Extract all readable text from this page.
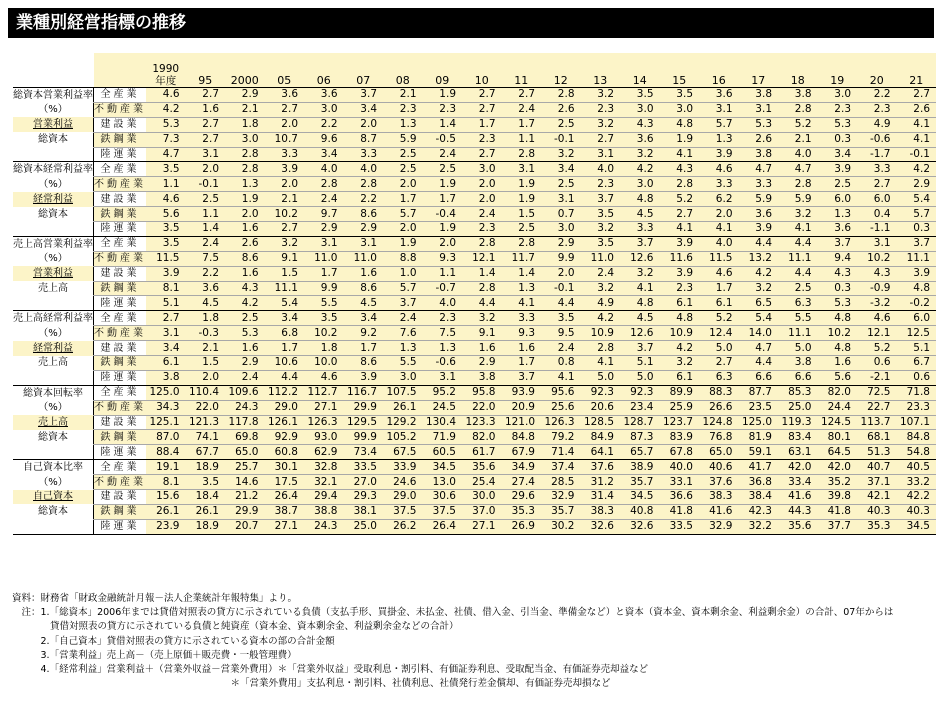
業種別経営指標の推移
		1990
年度	95	2000	05	06	07	08	09	10	11	12	13	14	15	16	17	18	19	20	21
総資本営業利益率	全産業	4.6	2.7	2.9	3.6	3.6	3.7	2.1	1.9	2.7	2.7	2.8	3.2	3.5	3.5	3.6	3.8	3.8	3.0	2.2	2.7
（%）	不動産業	4.2	1.6	2.1	2.7	3.0	3.4	2.3	2.3	2.7	2.4	2.6	2.3	3.0	3.0	3.1	3.1	2.8	2.3	2.3	2.6
営業利益	建設業	5.3	2.7	1.8	2.0	2.2	2.0	1.3	1.4	1.7	1.7	2.5	3.2	4.3	4.8	5.7	5.3	5.2	5.3	4.9	4.1
総資本	鉄鋼業	7.3	2.7	3.0	10.7	9.6	8.7	5.9	-0.5	2.3	1.1	-0.1	2.7	3.6	1.9	1.3	2.6	2.1	0.3	-0.6	4.1
	陸運業	4.7	3.1	2.8	3.3	3.4	3.3	2.5	2.4	2.7	2.8	3.2	3.1	3.2	4.1	3.9	3.8	4.0	3.4	-1.7	-0.1
総資本経常利益率	全産業	3.5	2.0	2.8	3.9	4.0	4.0	2.5	2.5	3.0	3.1	3.4	4.0	4.2	4.3	4.6	4.7	4.7	3.9	3.3	4.2
（%）	不動産業	1.1	-0.1	1.3	2.0	2.8	2.8	2.0	1.9	2.0	1.9	2.5	2.3	3.0	2.8	3.3	3.3	2.8	2.5	2.7	2.9
経常利益	建設業	4.6	2.5	1.9	2.1	2.4	2.2	1.7	1.7	2.0	1.9	3.1	3.7	4.8	5.2	6.2	5.9	5.9	6.0	6.0	5.4
総資本	鉄鋼業	5.6	1.1	2.0	10.2	9.7	8.6	5.7	-0.4	2.4	1.5	0.7	3.5	4.5	2.7	2.0	3.6	3.2	1.3	0.4	5.7
	陸運業	3.5	1.4	1.6	2.7	2.9	2.9	2.0	1.9	2.3	2.5	3.0	3.2	3.3	4.1	4.1	3.9	4.1	3.6	-1.1	0.3
売上高営業利益率	全産業	3.5	2.4	2.6	3.2	3.1	3.1	1.9	2.0	2.8	2.8	2.9	3.5	3.7	3.9	4.0	4.4	4.4	3.7	3.1	3.7
（%）	不動産業	11.5	7.5	8.6	9.1	11.0	11.0	8.8	9.3	12.1	11.7	9.9	11.0	12.6	11.6	11.5	13.2	11.1	9.4	10.2	11.1
営業利益	建設業	3.9	2.2	1.6	1.5	1.7	1.6	1.0	1.1	1.4	1.4	2.0	2.4	3.2	3.9	4.6	4.2	4.4	4.3	4.3	3.9
売上高	鉄鋼業	8.1	3.6	4.3	11.1	9.9	8.6	5.7	-0.7	2.8	1.3	-0.1	3.2	4.1	2.3	1.7	3.2	2.5	0.3	-0.9	4.8
	陸運業	5.1	4.5	4.2	5.4	5.5	4.5	3.7	4.0	4.4	4.1	4.4	4.9	4.8	6.1	6.1	6.5	6.3	5.3	-3.2	-0.2
売上高経常利益率	全産業	2.7	1.8	2.5	3.4	3.5	3.4	2.4	2.3	3.2	3.3	3.5	4.2	4.5	4.8	5.2	5.4	5.5	4.8	4.6	6.0
（%）	不動産業	3.1	-0.3	5.3	6.8	10.2	9.2	7.6	7.5	9.1	9.3	9.5	10.9	12.6	10.9	12.4	14.0	11.1	10.2	12.1	12.5
経常利益	建設業	3.4	2.1	1.6	1.7	1.8	1.7	1.3	1.3	1.6	1.6	2.4	2.8	3.7	4.2	5.0	4.7	5.0	4.8	5.2	5.1
売上高	鉄鋼業	6.1	1.5	2.9	10.6	10.0	8.6	5.5	-0.6	2.9	1.7	0.8	4.1	5.1	3.2	2.7	4.4	3.8	1.6	0.6	6.7
	陸運業	3.8	2.0	2.4	4.4	4.6	3.9	3.0	3.1	3.8	3.7	4.1	5.0	5.0	6.1	6.3	6.6	6.6	5.6	-2.1	0.6
総資本回転率	全産業	125.0	110.4	109.6	112.2	112.7	116.7	107.5	95.2	95.8	93.9	95.6	92.3	92.3	89.9	88.3	87.7	85.3	82.0	72.5	71.8
（%）	不動産業	34.3	22.0	24.3	29.0	27.1	29.9	26.1	24.5	22.0	20.9	25.6	20.6	23.4	25.9	26.6	23.5	25.0	24.4	22.7	23.3
売上高	建設業	125.1	121.3	117.8	126.1	126.3	129.5	129.2	130.4	123.3	121.0	126.3	128.5	128.7	123.7	124.8	125.0	119.3	124.5	113.7	107.1
総資本	鉄鋼業	87.0	74.1	69.8	92.9	93.0	99.9	105.2	71.9	82.0	84.8	79.2	84.9	87.3	83.9	76.8	81.9	83.4	80.1	68.1	84.8
	陸運業	88.4	67.7	65.0	60.8	62.9	73.4	67.5	60.5	61.7	67.9	71.4	64.1	65.7	67.8	65.0	59.1	63.1	64.5	51.3	54.8
自己資本比率	全産業	19.1	18.9	25.7	30.1	32.8	33.5	33.9	34.5	35.6	34.9	37.4	37.6	38.9	40.0	40.6	41.7	42.0	42.0	40.7	40.5
（%）	不動産業	8.1	3.5	14.6	17.5	32.1	27.0	24.6	13.0	25.4	27.4	28.5	31.2	35.7	33.1	37.6	36.8	33.4	35.2	37.1	33.2
自己資本	建設業	15.6	18.4	21.2	26.4	29.4	29.3	29.0	30.6	30.0	29.6	32.9	31.4	34.5	36.6	38.3	38.4	41.6	39.8	42.1	42.2
総資本	鉄鋼業	26.1	26.1	29.9	38.7	38.8	38.1	37.5	37.5	37.0	35.3	35.7	38.3	40.8	41.8	41.6	42.3	44.3	41.8	40.3	40.3
	陸運業	23.9	18.9	20.7	27.1	24.3	25.0	26.2	26.4	27.1	26.9	30.2	32.6	32.6	33.5	32.9	32.2	35.6	37.7	35.3	34.5
資料：財務省「財政金融統計月報－法人企業統計年報特集」より。
　注：1.「総資本」2006年までは貸借対照表の貸方に示されている負債（支払手形、買掛金、未払金、社債、借入金、引当金、準備金など）と資本（資本金、資本剰余金、利益剰余金）の合計、07年からは
　　　　貸借対照表の貸方に示されている負債と純資産（資本金、資本剰余金、利益剰余金などの合計）
　　　2.「自己資本」貸借対照表の貸方に示されている資本の部の合計金額
　　　3.「営業利益」売上高－（売上原価＋販売費・一般管理費）
　　　4.「経常利益」営業利益＋（営業外収益－営業外費用）＊「営業外収益」受取利息・割引料、有価証券利息、受取配当金、有価証券売却益など
　　　　　　　　　　　　　　　　　　　　　　　＊「営業外費用」支払利息・割引料、社債利息、社債発行差金償却、有価証券売却損など
